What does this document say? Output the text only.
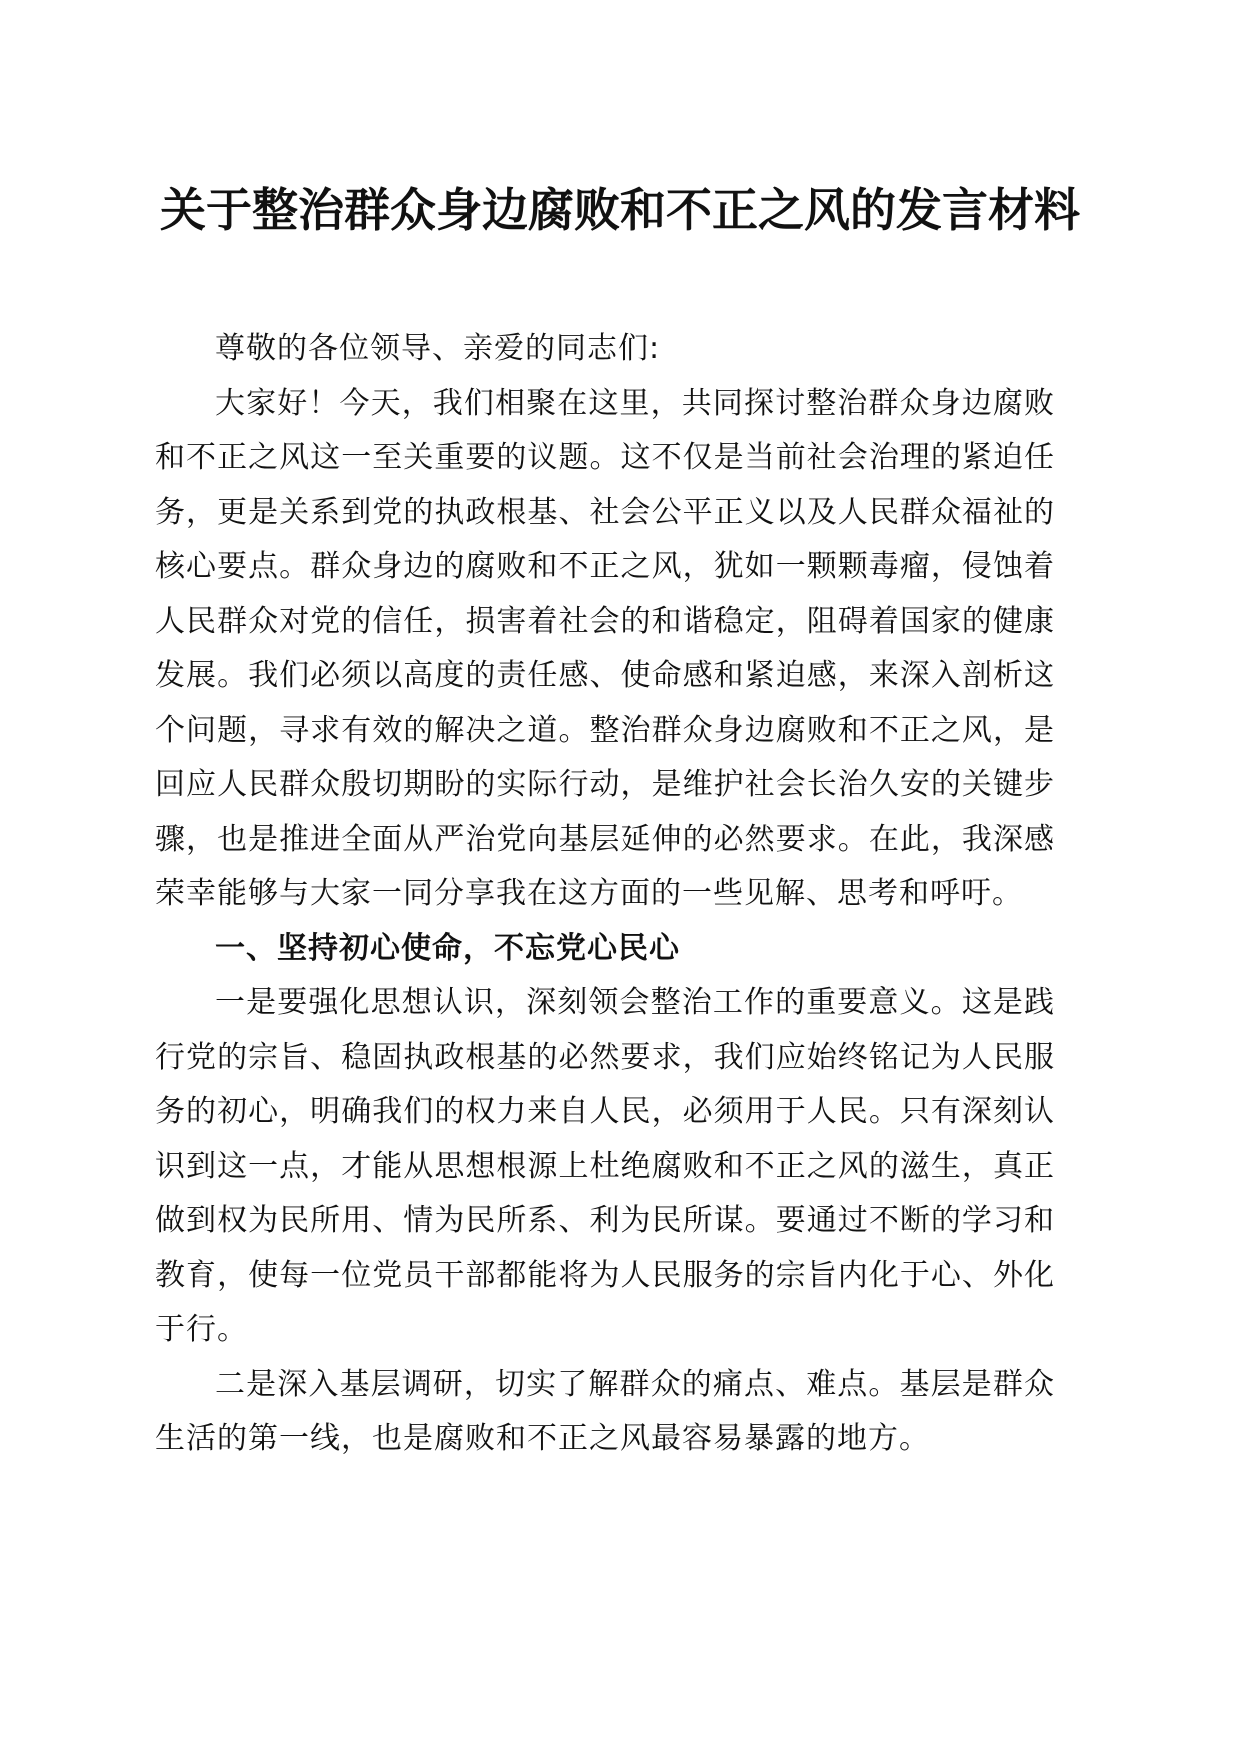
关于整治群众身边腐败和不正之风的发言材料

尊敬的各位领导、亲爱的同志们:

大家好！今天，我们相聚在这里，共同探讨整治群众身边腐败和不正之风这一至关重要的议题。这不仅是当前社会治理的紧迫任务，更是关系到党的执政根基、社会公平正义以及人民群众福祉的核心要点。群众身边的腐败和不正之风，犹如一颗颗毒瘤，侵蚀着人民群众对党的信任，损害着社会的和谐稳定，阻碍着国家的健康发展。我们必须以高度的责任感、使命感和紧迫感，来深入剖析这个问题，寻求有效的解决之道。整治群众身边腐败和不正之风，是回应人民群众殷切期盼的实际行动，是维护社会长治久安的关键步骤，也是推进全面从严治党向基层延伸的必然要求。在此，我深感荣幸能够与大家一同分享我在这方面的一些见解、思考和呼吁。

一、坚持初心使命，不忘党心民心

一是要强化思想认识，深刻领会整治工作的重要意义。这是践行党的宗旨、稳固执政根基的必然要求，我们应始终铭记为人民服务的初心，明确我们的权力来自人民，必须用于人民。只有深刻认识到这一点，才能从思想根源上杜绝腐败和不正之风的滋生，真正做到权为民所用、情为民所系、利为民所谋。要通过不断的学习和教育，使每一位党员干部都能将为人民服务的宗旨内化于心、外化于行。

二是深入基层调研，切实了解群众的痛点、难点。基层是群众生活的第一线，也是腐败和不正之风最容易暴露的地方。
